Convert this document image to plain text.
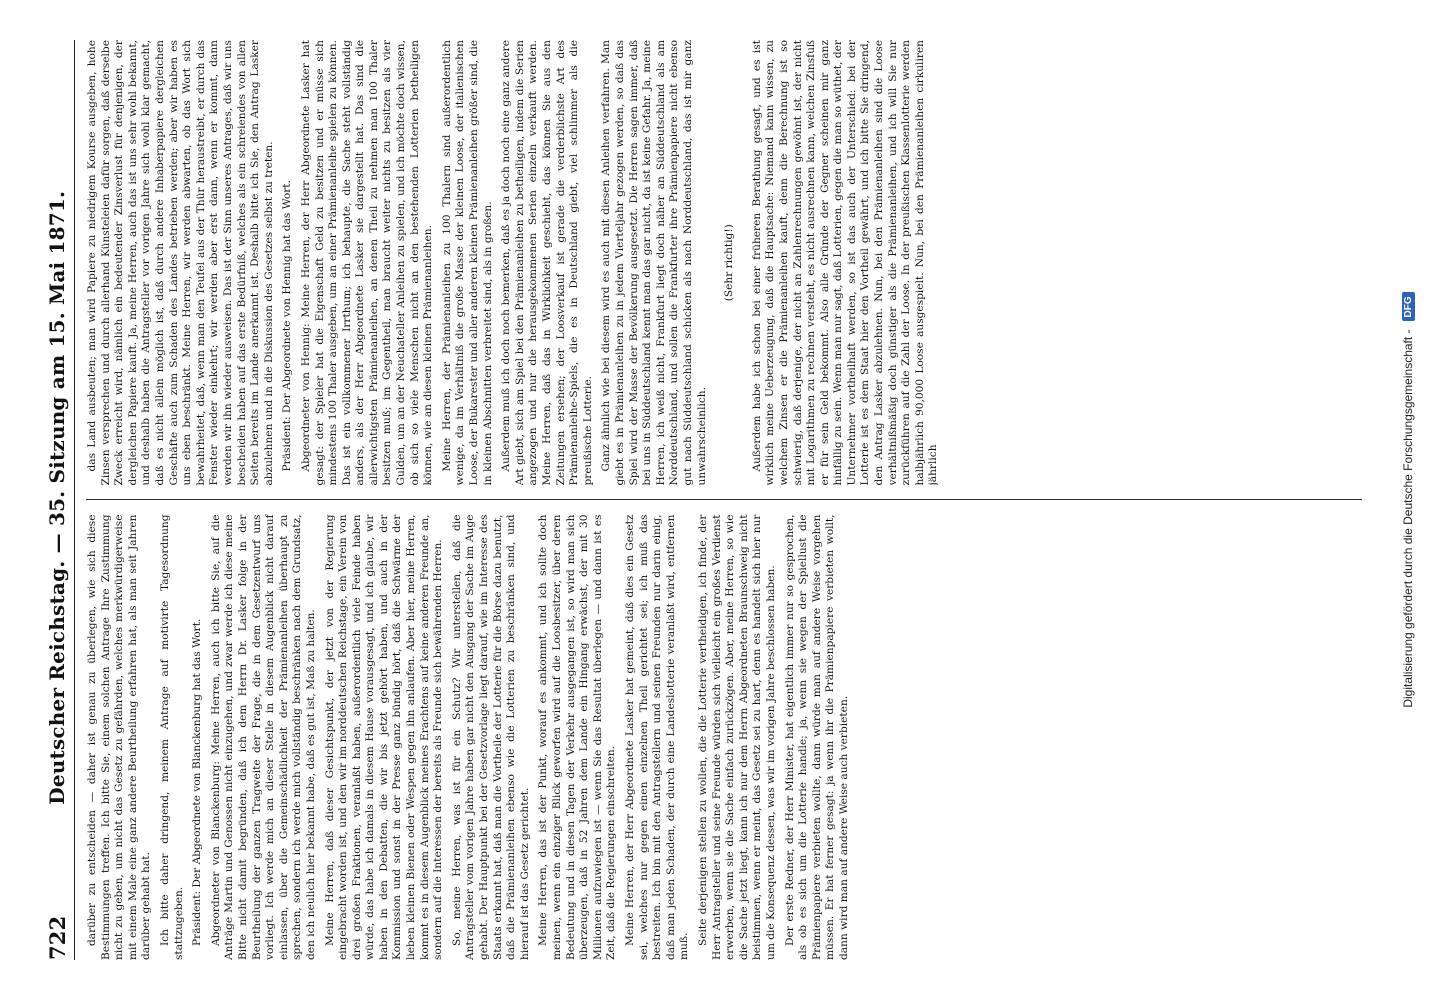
722
Deutscher Reichstag. — 35. Sitzung am 15. Mai 1871. darüber zu entscheiden — daher ist genau zu überlegen, wie sich diese Bestimmungen treffen. Ich bitte Sie, einem solchen Antrage Ihre Zustimmung nicht zu geben, um nicht das Gesetz zu gefährden, welches merkwürdigerweise mit einem Male eine ganz andere Beurtheilung erfahren hat, als man seit Jahren darüber gehabt hat. Ich bitte daher dringend, meinem Antrage auf motivirte Tagesordnung stattzugeben. Präsident: Der Abgeordnete von Blanckenburg hat das Wort. Abgeordneter von Blanckenburg: Meine Herren, auch ich bitte Sie, auf die Anträge Martin und Genossen nicht einzugehen, und zwar werde ich diese meine Bitte nicht damit begründen, daß ich dem Herrn Dr. Lasker folge in der Beurtheilung der ganzen Tragweite der Frage, die in dem Gesetzentwurf uns vorliegt. Ich werde mich an dieser Stelle in diesem Augenblick nicht darauf einlassen, über die Gemeinschädlichkeit der Prämienanleihen überhaupt zu sprechen, sondern ich werde mich vollständig beschränken nach dem Grundsatz, den ich neulich hier bekannt habe, daß es gut ist, Maß zu halten. Meine Herren, daß dieser Gesichtspunkt, der jetzt von der Regierung eingebracht worden ist, und den wir im norddeutschen Reichstage, ein Verein von drei großen Fraktionen, veranlaßt haben, außerordentlich viele Feinde haben würde, das habe ich damals in diesem Hause vorausgesagt, und ich glaube, wir haben in den Debatten, die wir bis jetzt gehört haben, und auch in der Kommission und sonst in der Presse ganz bündig hört, daß die Schwärme der lieben kleinen Bienen oder Wespen gegen ihn anlaufen. Aber hier, meine Herren, kommt es in diesem Augenblick meines Erachtens auf keine anderen Freunde an, sondern auf die Interessen der bereits als Freunde sich bewährenden Herren. So, meine Herren, was ist für ein Schutz? Wir unterstellen, daß die Antragsteller vom vorigen Jahre haben gar nicht den Ausgang der Sache im Auge gehabt. Der Hauptpunkt bei der Gesetzvorlage liegt darauf, wie im Interesse des Staats erkannt hat, daß man die Vortheile der Lotterie für die Börse dazu benutzt, daß die Prämienanleihen ebenso wie die Lotterien zu beschränken sind, und hierauf ist das Gesetz gerichtet. Meine Herren, das ist der Punkt, worauf es ankommt, und ich sollte doch meinen, wenn ein einziger Blick geworfen wird auf die Loosbesitzer, über deren Bedeutung und in diesen Tagen der Verkehr ausgegangen ist, so wird man sich überzeugen, daß in 52 Jahren dem Lande ein Hingang erwächst, der mit 30 Millionen aufzuwiegen ist — wenn Sie das Resultat überlegen — und dann ist es Zeit, daß die Regierungen einschreiten. Meine Herren, der Herr Abgeordnete Lasker hat gemeint, daß dies ein Gesetz sei, welches nur gegen einen einzelnen Theil gerichtet sei; ich muß das bestreiten. Ich bin mit den Antragstellern und seinen Freunden nur darin einig, daß man jeden Schaden, der durch eine Landeslotterie veranlaßt wird, entfernen muß.

Seite derjenigen stellen zu wollen, die die Lotterie vertheidigen, ich finde, der Herr Antragsteller und seine Freunde würden sich vielleicht ein großes Verdienst erwerben, wenn sie die Sache einfach zurückzögen. Aber, meine Herren, so wie die Sache jetzt liegt, kann ich nur dem Herrn Abgeordneten Braunschweig nicht beistimmen, wenn er meint, das Gesetz sei zu hart, denn es handelt sich hier nur um die Konsequenz dessen, was wir im vorigen Jahre beschlossen haben. Der erste Redner, der Herr Minister, hat eigentlich immer nur so gesprochen, als ob es sich um die Lotterie handle; ja, wenn sie wegen der Spiellust die Prämienpapiere verbieten wollte, dann würde man auf andere Weise vorgehen müssen. Er hat ferner gesagt: ja wenn ihr die Prämienpapiere verbieten wollt, dann wird man auf andere Weise auch verbieten.

das Land ausbeuten; man wird Papiere zu niedrigem Kourse ausgeben, hohe Zinsen versprechen und durch allerhand Künsteleien dafür sorgen, daß derselbe Zweck erreicht wird, nämlich ein bedeutender Zinsverlust für denjenigen, der dergleichen Papiere kauft. Ja, meine Herren, auch das ist uns sehr wohl bekannt, und deshalb haben die Antragsteller vor vorigen Jahre sich wohl klar gemacht, daß es nicht allein möglich ist, daß durch andere Inhaberpapiere dergleichen Geschäfte auch zum Schaden des Landes betrieben werden; aber wir haben es uns eben beschränkt. Meine Herren, wir werden abwarten, ob das Wort sich bewahrheitet, daß, wenn man den Teufel aus der Thür heraustreibt, er durch das Fenster wieder einkehrt; wir werden aber erst dann, wenn er kommt, dann werden wir ihn wieder ausweisen. Das ist der Sinn unseres Antrages, daß wir uns bescheiden haben auf das erste Bedürfniß, welches als ein schreiendes von allen Seiten bereits im Lande anerkannt ist. Deshalb bitte ich Sie, den Antrag Lasker abzulehnen und in die Diskussion des Gesetzes selbst zu treten. Präsident: Der Abgeordnete von Hennig hat das Wort. Abgeordneter von Hennig: Meine Herren, der Herr Abgeordnete Lasker hat gesagt: der Spieler hat die Eigenschaft Geld zu besitzen und er müsse sich mindestens 100 Thaler ausgeben, um an einer Prämienanleihe spielen zu können. Das ist ein vollkommener Irrthum; ich behaupte, die Sache steht vollständig anders, als der Herr Abgeordnete Lasker sie dargestellt hat. Das sind die allerwichtigsten Prämienanleihen, an denen Theil zu nehmen man 100 Thaler besitzen muß; im Gegentheil, man braucht weiter nichts zu besitzen als vier Gulden, um an der Neuchateller Anleihen zu spielen, und ich möchte doch wissen, ob sich so viele Menschen nicht an den bestehenden Lotterien betheiligen können, wie an diesen kleinen Prämienanleihen. Meine Herren, der Prämienanleihen zu 100 Thalern sind außerordentlich wenige, da im Verhältniß die große Masse der kleinen Loose, der italienischen Loose, der Bukarester und aller anderen kleinen Prämienanleihen größer sind, die in kleinen Abschnitten verbreitet sind, als in großen. Außerdem muß ich doch noch bemerken, daß es ja doch noch eine ganz andere Art giebt, sich am Spiel bei den Prämienanleihen zu betheiligen, indem die Serien angezogen und nur die herausgekommenen Serien einzeln verkauft werden. Meine Herren, daß das in Wirklichkeit geschieht, das können Sie aus den Zeitungen ersehen; der Loosverkauf ist gerade die verderblichste Art des Prämienanleihe-Spiels, die es in Deutschland giebt, viel schlimmer als die preußische Lotterie. Ganz ähnlich wie bei diesem wird es auch mit diesen Anleihen verfahren. Man giebt es in Prämienanleihen zu in jedem Vierteljahr gezogen werden, so daß das Spiel wird der Masse der Bevölkerung ausgesetzt. Die Herren sagen immer, daß bei uns in Süddeutschland kennt man das gar nicht, da ist keine Gefahr. Ja, meine Herren, ich weiß nicht, Frankfurt liegt doch näher an Süddeutschland als am Norddeutschland, und sollen die Frankfurter ihre Prämienpapiere nicht ebenso gut nach Süddeutschland schicken als nach Norddeutschland, das ist mir ganz unwahrscheinlich.

(Sehr richtig!) Außerdem habe ich schon bei einer früheren Berathung gesagt, und es ist wirklich meine Ueberzeugung, daß die Hauptsache: Niemand kann wissen, zu welchem Zinsen er die Prämienanleihen kauft, denn die Berechnung ist so schwierig, daß derjenige, der nicht an Zahlenrechnungen gewöhnt ist, der nicht mit Logarithmen zu rechnen versteht, es nicht ausrechnen kann, welchen Zinsfuß er für sein Geld bekommt. Also alle Gründe der Gegner scheinen mir ganz hinfällig zu sein. Wenn man nur sagt, daß Lotterien, gegen die man so wüthet, der Unternehmer vortheilhaft werden, so ist das auch der Unterschied: bei der Lotterie ist es dem Staat hier den Vortheil gewährt, und ich bitte Sie dringend, den Antrag Lasker abzulehnen. Nun, bei den Prämienanleihen sind die Loose verhältnißmäßig doch günstiger als die Prämienanleihen, und ich will Sie nur zurückführen auf die Zahl der Loose. In der preußischen Klassenlotterie werden halbjährlich 90,000 Loose ausgespielt. Nun, bei den Prämienanleihen cirkuliren jährlich	Digitalisierung gefördert durch die Deutsche Forschungsgemeinschaft -
DFG
